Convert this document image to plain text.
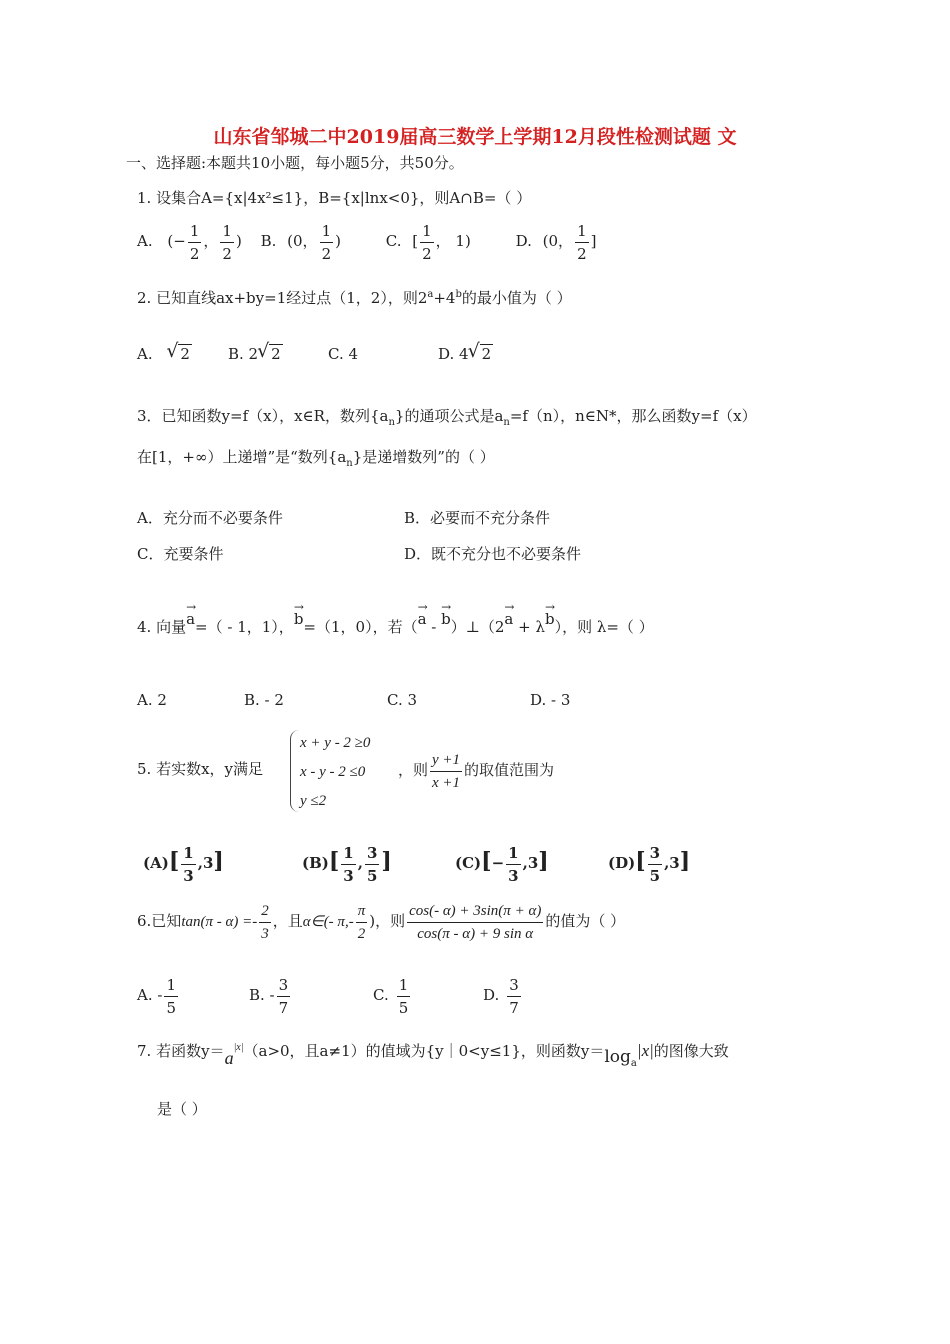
山东省邹城二中2019届高三数学上学期12月段性检测试题 文
一、选择题:本题共10小题，每小题5分，共50分。
1. 设集合A={x|4x²≤1}，B={x|lnx<0}，则A∩B=（ ）
A. (− $\frac{1}{2}$ ， $\frac{1}{2}$ ) B. (0， $\frac{1}{2}$ )	C. [ $\frac{1}{2}$ ， 1)	D. (0， $\frac{1}{2}$ ]
2. 已知直线ax+by=1经过点（1，2），则$2^a+4^b$的最小值为（ ）
A. √ 2	B. 2 √ 2	C. 4	D. 4 √ 2
3．已知函数y=f（x），x∈R，数列$\{a_n\}$的通项公式是$a_n=f(n)$，n∈N*，那么函数y=f（x）
在[1，+∞）上递增”是“数列$\{a_n\}$是递增数列”的（ ）
A．充分而不必要条件	B．必要而不充分条件
C．充要条件	D．既不充分也不必要条件
4. 向量→ a=（ - 1，1），→ b=（1，0），若（→ a - → b）⊥（2→ a + λ→ b），则 λ=（ ）
A. 2	B. - 2	C. 3	D. - 3
5. 若实数x，y满足
x + y - 2 ≥0
x - y - 2 ≤0
y ≤2
，则 $\frac{y +1}{x +1}$ 的取值范围为
$(A)[ \frac{1}{3} ,3]$	$(B)[ \frac{1}{3}$ , $\frac{3}{5}$ ]	$(C)[- \frac{1}{3} ,3]$	$(D)[ \frac{3}{5} ,3]$
6.已知$\tan(\pi - \alpha) =- \frac{2}{3}$ ，且α∈(- $\pi,- \frac{\pi}{2}$ )，则 $\frac{\cos(- \alpha) + 3\sin(\pi + \alpha)}{\text{cos(π - α) + 9 sin α}}$ 的值为（ ）
A. - $\frac{1}{5}$	B. - $\frac{3}{7}$	C. $\frac{1}{5}$	D. $\frac{3}{7}$
7. 若函数$y=a^{|x|}(a>0$，且a≠1）的值域为{y｜0<y≤1}，则函数$y=\log_a|x|$的图像大致
是（ ）
